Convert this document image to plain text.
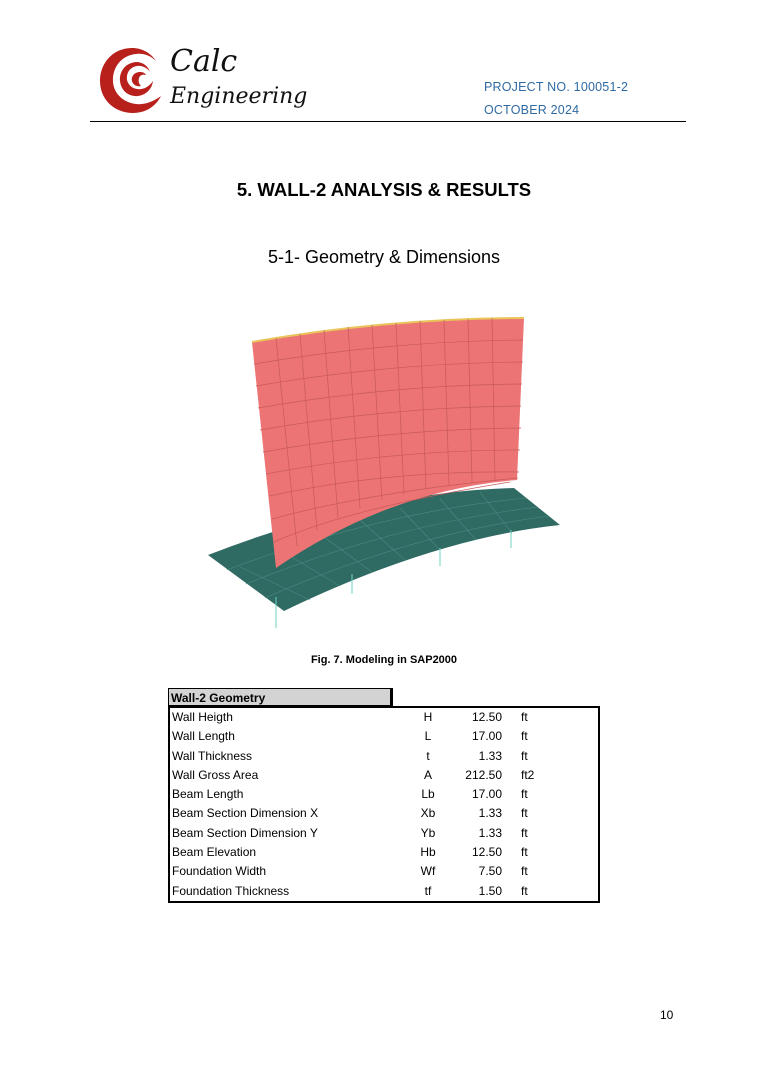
Calc
Engineering	PROJECT NO. 100051-2
OCTOBER 2024
5. WALL-2 ANALYSIS & RESULTS
5-1- Geometry & Dimensions
Fig. 7. Modeling in SAP2000
Wall-2 Geometry
Wall Heigth	H	12.50 ft
Wall Length	L	17.00 ft
Wall Thickness	t	1.33 ft
Wall Gross Area	A	212.50 ft2
Beam Length	Lb	17.00 ft
Beam Section Dimension X	Xb	1.33 ft
Beam Section Dimension Y	Yb	1.33 ft
Beam Elevation	Hb	12.50 ft
Foundation Width	Wf	7.50 ft
Foundation Thickness	tf	1.50 ft
10
